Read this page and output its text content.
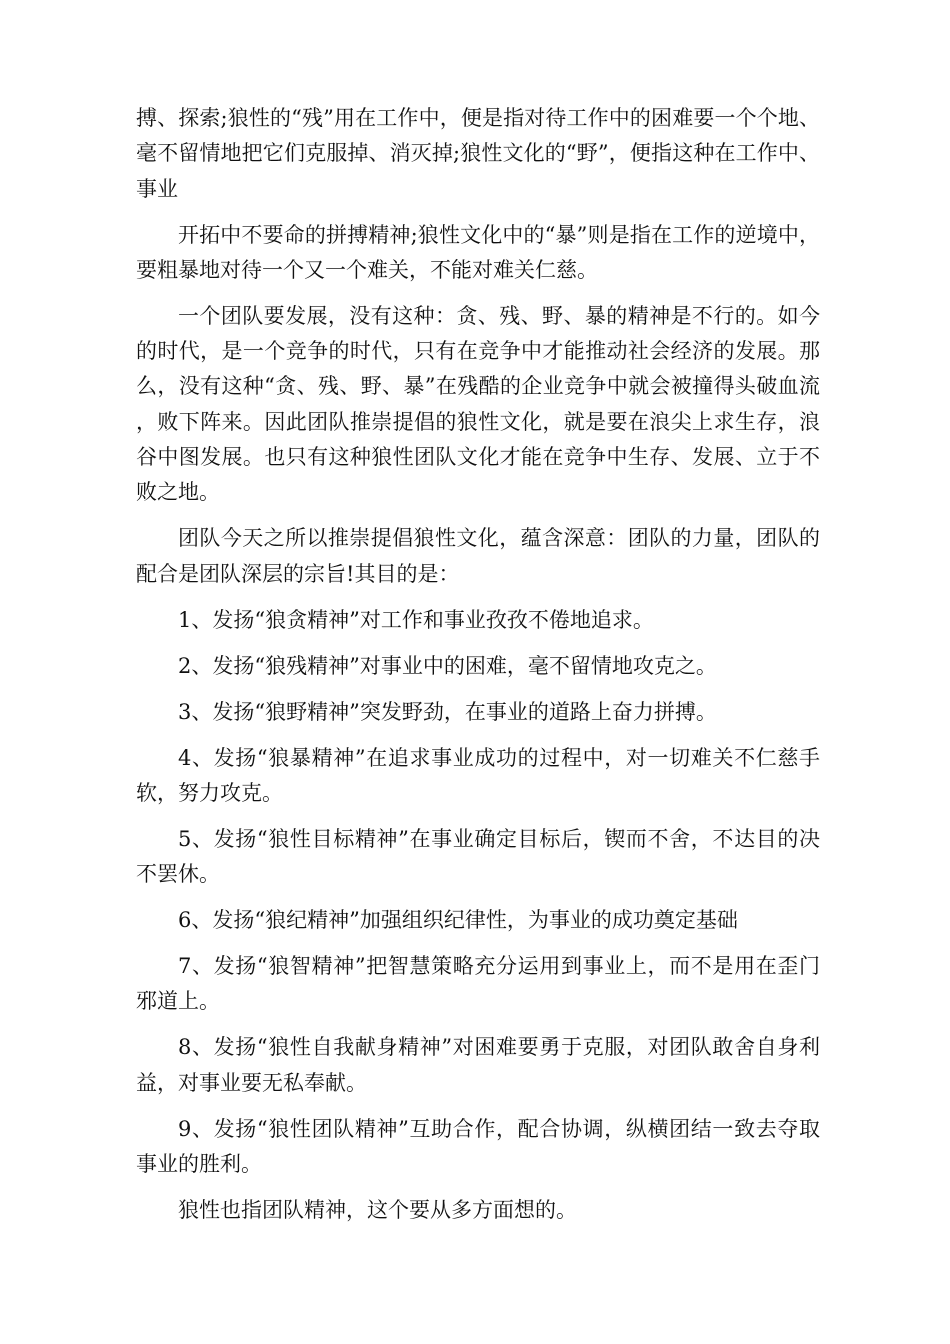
搏、探索;狼性的“残”用在工作中，便是指对待工作中的困难要一个个地、毫不留情地把它们克服掉、消灭掉;狼性文化的“野”，便指这种在工作中、事业

开拓中不要命的拼搏精神;狼性文化中的“暴”则是指在工作的逆境中，要粗暴地对待一个又一个难关，不能对难关仁慈。

一个团队要发展，没有这种：贪、残、野、暴的精神是不行的。如今的时代，是一个竞争的时代，只有在竞争中才能推动社会经济的发展。那么，没有这种“贪、残、野、暴”在残酷的企业竞争中就会被撞得头破血流，败下阵来。因此团队推崇提倡的狼性文化，就是要在浪尖上求生存，浪谷中图发展。也只有这种狼性团队文化才能在竞争中生存、发展、立于不败之地。

团队今天之所以推崇提倡狼性文化，蕴含深意：团队的力量，团队的配合是团队深层的宗旨!其目的是：

1、发扬“狼贪精神”对工作和事业孜孜不倦地追求。

2、发扬“狼残精神”对事业中的困难，毫不留情地攻克之。

3、发扬“狼野精神”突发野劲，在事业的道路上奋力拼搏。

4、发扬“狼暴精神”在追求事业成功的过程中，对一切难关不仁慈手软，努力攻克。

5、发扬“狼性目标精神”在事业确定目标后，锲而不舍，不达目的决不罢休。

6、发扬“狼纪精神”加强组织纪律性，为事业的成功奠定基础

7、发扬“狼智精神”把智慧策略充分运用到事业上，而不是用在歪门邪道上。

8、发扬“狼性自我献身精神”对困难要勇于克服，对团队敢舍自身利益，对事业要无私奉献。

9、发扬“狼性团队精神”互助合作，配合协调，纵横团结一致去夺取事业的胜利。

狼性也指团队精神，这个要从多方面想的。
